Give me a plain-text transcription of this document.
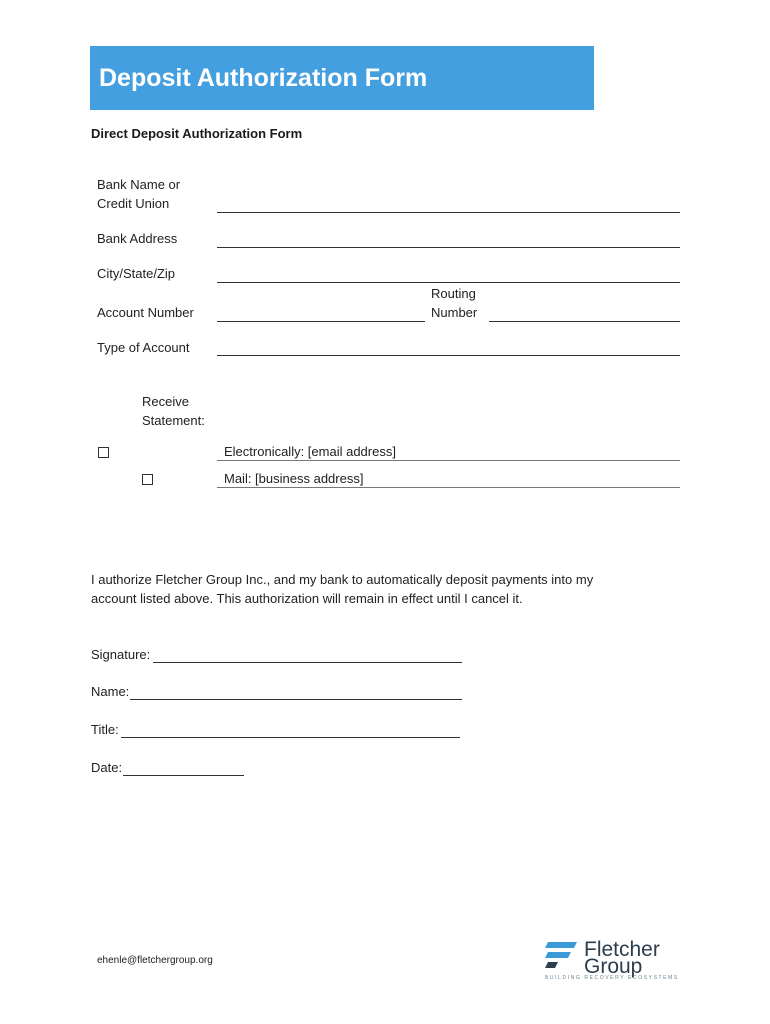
Deposit Authorization Form
Direct Deposit Authorization Form
Bank Name or
Credit Union
Bank Address
City/State/Zip
Account Number
Routing
Number
Type of Account
Receive
Statement:
Electronically: [email address]
Mail: [business address]
I authorize Fletcher Group Inc., and my bank to automatically deposit payments into my
account listed above. This authorization will remain in effect until I cancel it.
Signature:
Name:
Title:
Date:
ehenle@fletchergroup.org	Fletcher
Group
BUILDING RECOVERY ECOSYSTEMS
